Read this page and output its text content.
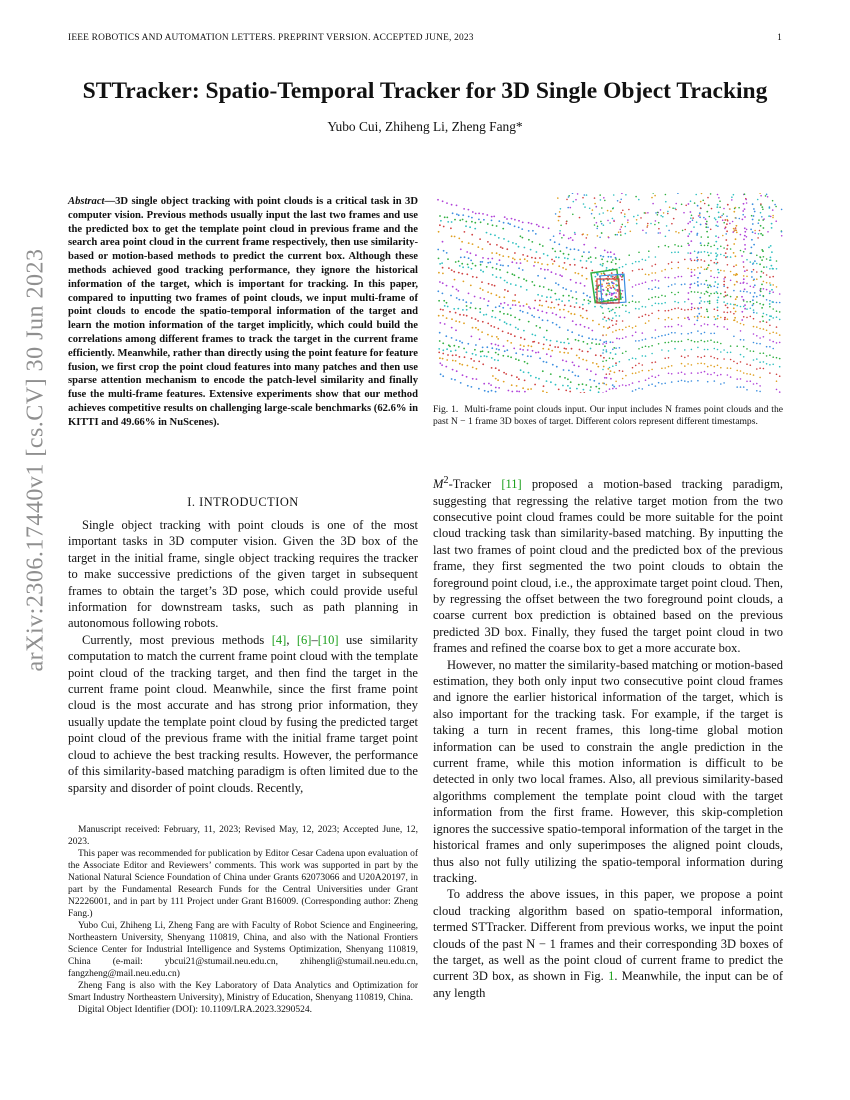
IEEE ROBOTICS AND AUTOMATION LETTERS. PREPRINT VERSION. ACCEPTED JUNE, 2023	1
arXiv:2306.17440v1 [cs.CV] 30 Jun 2023
STTracker: Spatio-Temporal Tracker for 3D Single Object Tracking
Yubo Cui, Zhiheng Li, Zheng Fang*
Abstract—3D single object tracking with point clouds is a critical task in 3D computer vision. Previous methods usually input the last two frames and use the predicted box to get the template point cloud in previous frame and the search area point cloud in the current frame respectively, then use similarity-based or motion-based methods to predict the current box. Although these methods achieved good tracking performance, they ignore the historical information of the target, which is important for tracking. In this paper, compared to inputting two frames of point clouds, we input multi-frame of point clouds to encode the spatio-temporal information of the target and learn the motion information of the target implicitly, which could build the correlations among different frames to track the target in the current frame efficiently. Meanwhile, rather than directly using the point feature for feature fusion, we first crop the point cloud features into many patches and then use sparse attention mechanism to encode the patch-level similarity and finally fuse the multi-frame features. Extensive experiments show that our method achieves competitive results on challenging large-scale benchmarks (62.6% in KITTI and 49.66% in NuScenes).
I. INTRODUCTION

Single object tracking with point clouds is one of the most important tasks in 3D computer vision. Given the 3D box of the target in the initial frame, single object tracking requires the tracker to make successive predictions of the given target in subsequent frames to obtain the target’s 3D pose, which could provide useful information for downstream tasks, such as path planning in autonomous following robots.

Currently, most previous methods [4], [6]–[10] use similarity computation to match the current frame point cloud with the template point cloud of the tracking target, and then find the target in the current frame point cloud. Meanwhile, since the first frame point cloud is the most accurate and has strong prior information, they usually update the template point cloud by fusing the predicted target point cloud of the previous frame with the initial frame target point cloud to achieve the best tracking results. However, the performance of this similarity-based matching paradigm is often limited due to the sparsity and disorder of point clouds. Recently,

Manuscript received: February, 11, 2023; Revised May, 12, 2023; Accepted June, 12, 2023.

This paper was recommended for publication by Editor Cesar Cadena upon evaluation of the Associate Editor and Reviewers’ comments. This work was supported in part by the National Natural Science Foundation of China under Grants 62073066 and U20A20197, in part by the Fundamental Research Funds for the Central Universities under Grant N2226001, and in part by 111 Project under Grant B16009. (Corresponding author: Zheng Fang.)

Yubo Cui, Zhiheng Li, Zheng Fang are with Faculty of Robot Science and Engineering, Northeastern University, Shenyang 110819, China, and also with the National Frontiers Science Center for Industrial Intelligence and Systems Optimization, Shenyang 110819, China (e-mail: ybcui21@stumail.neu.edu.cn, zhihengli@stumail.neu.edu.cn, fangzheng@mail.neu.edu.cn)

Zheng Fang is also with the Key Laboratory of Data Analytics and Optimization for Smart Industry Northeastern University), Ministry of Education, Shenyang 110819, China.

Digital Object Identifier (DOI): 10.1109/LRA.2023.3290524.

Fig. 1. Multi-frame point clouds input. Our input includes N frames point clouds and the past N − 1 frame 3D boxes of target. Different colors represent different timestamps.

$M^2$-Tracker [11] proposed a motion-based tracking paradigm, suggesting that regressing the relative target motion from the two consecutive point cloud frames could be more suitable for the point cloud tracking task than similarity-based matching. By inputting the last two frames of point cloud and the predicted box of the previous frame, they first segmented the two point clouds to obtain the foreground point cloud, i.e., the approximate target point cloud. Then, by regressing the offset between the two foreground point clouds, a coarse current box prediction is obtained based on the previous predicted 3D box. Finally, they fused the target point cloud in two frames and refined the coarse box to get a more accurate box.

However, no matter the similarity-based matching or motion-based estimation, they both only input two consecutive point cloud frames and ignore the earlier historical information of the target, which is also important for the tracking task. For example, if the target is taking a turn in recent frames, this long-time global motion information can be used to constrain the angle prediction in the current frame, while this motion information is difficult to be detected in only two local frames. Also, all previous similarity-based algorithms complement the template point cloud with the target information from the first frame. However, this skip-completion ignores the successive spatio-temporal information of the target in the historical frames and only superimposes the aligned point clouds, thus also not fully utilizing the spatio-temporal information during tracking.

To address the above issues, in this paper, we propose a point cloud tracking algorithm based on spatio-temporal information, termed STTracker. Different from previous works, we input the point clouds of the past N − 1 frames and their corresponding 3D boxes of the target, as well as the point cloud of current frame to predict the current 3D box, as shown in Fig. 1. Meanwhile, the input can be of any length
